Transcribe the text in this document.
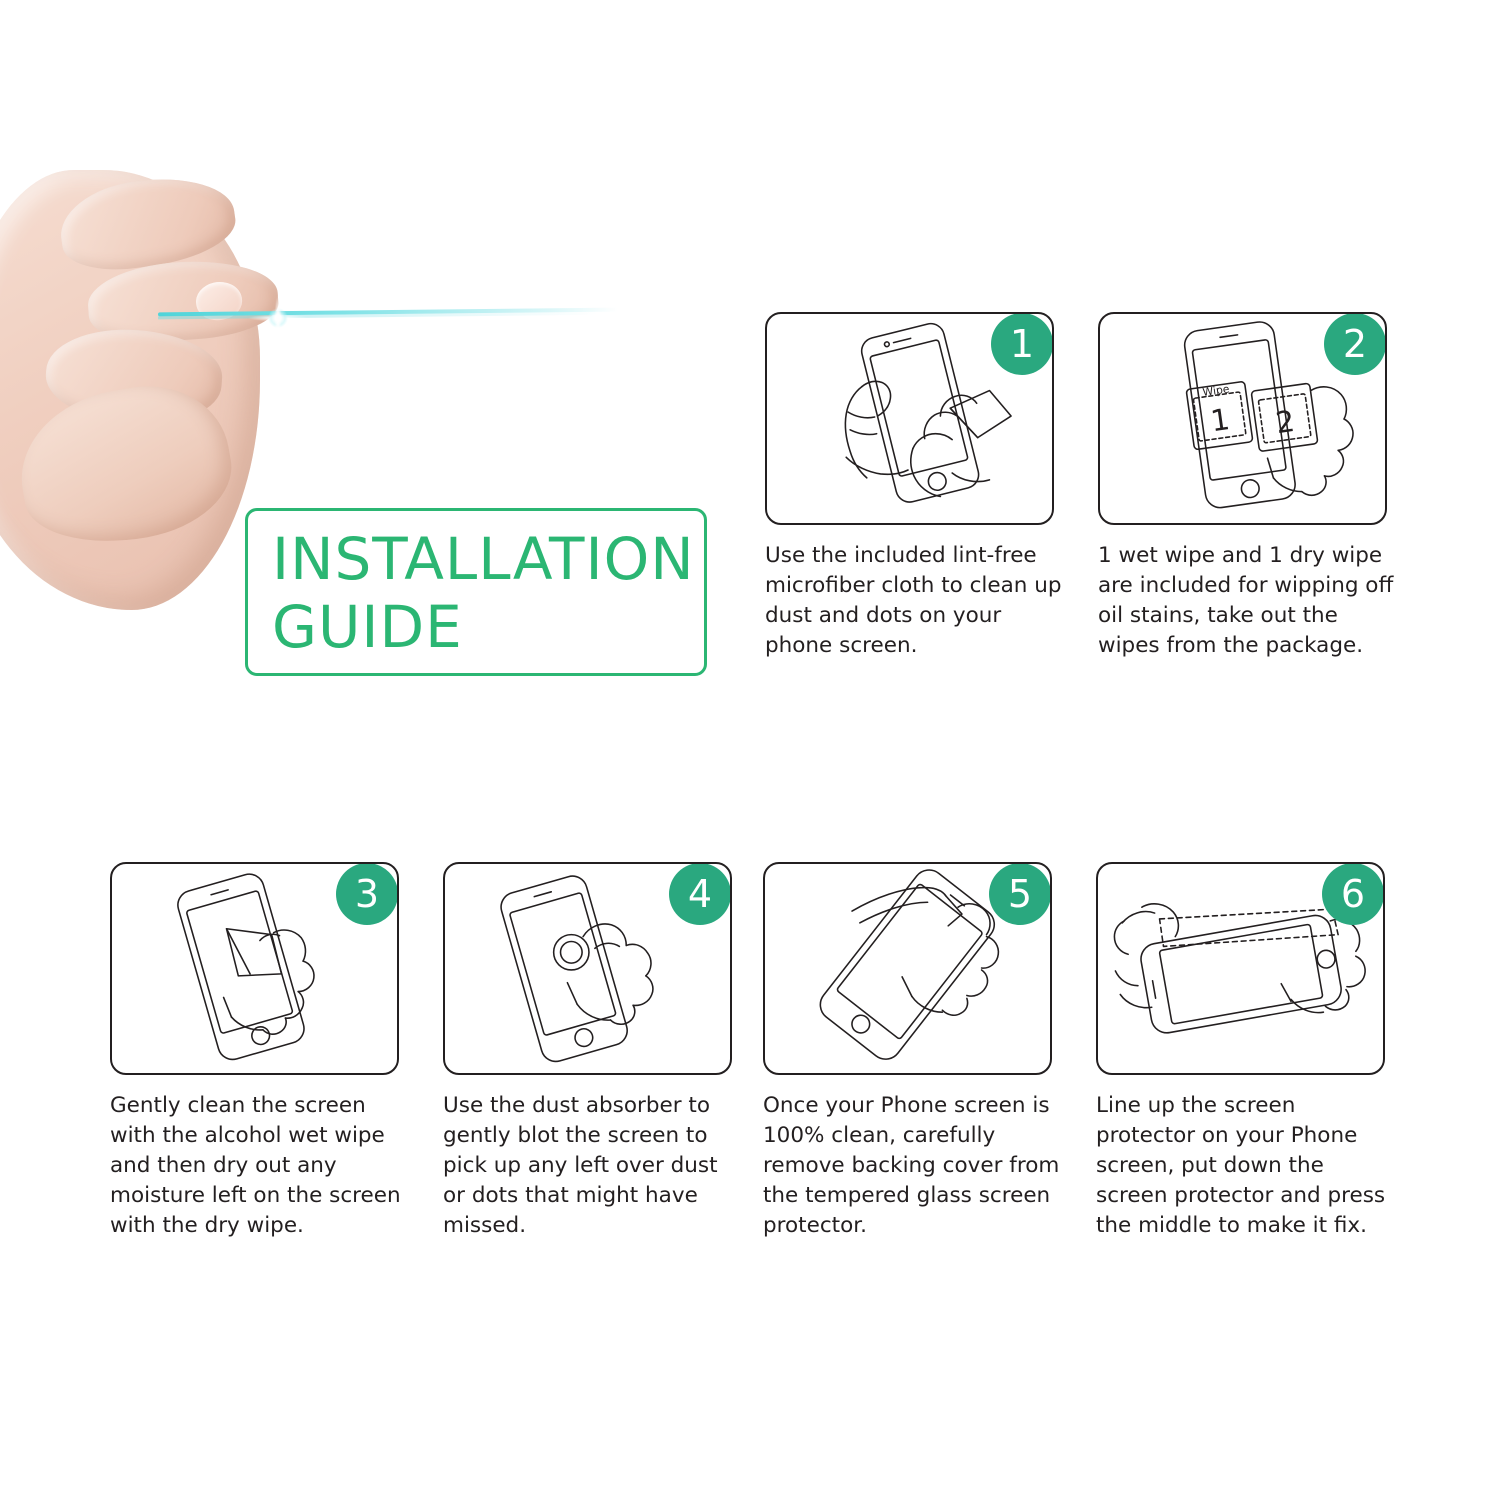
INSTALLATION
GUIDE
1
Use the included lint-free microfiber cloth to clean up dust and dots on your phone screen.
2
1
Wipe
2
1 wet wipe and 1 dry wipe are included for wipping off oil stains, take out the wipes from the package.
3
Gently clean the screen with the alcohol wet wipe and then dry out any moisture left on the screen with the dry wipe.
4
Use the dust absorber to gently blot the screen to pick up any left over dust or dots that might have missed.
5
Once your Phone screen is 100% clean, carefully remove backing cover from the tempered glass screen protector.
6
Line up the screen protector on your Phone screen, put down the screen protector and press the middle to make it fix.
